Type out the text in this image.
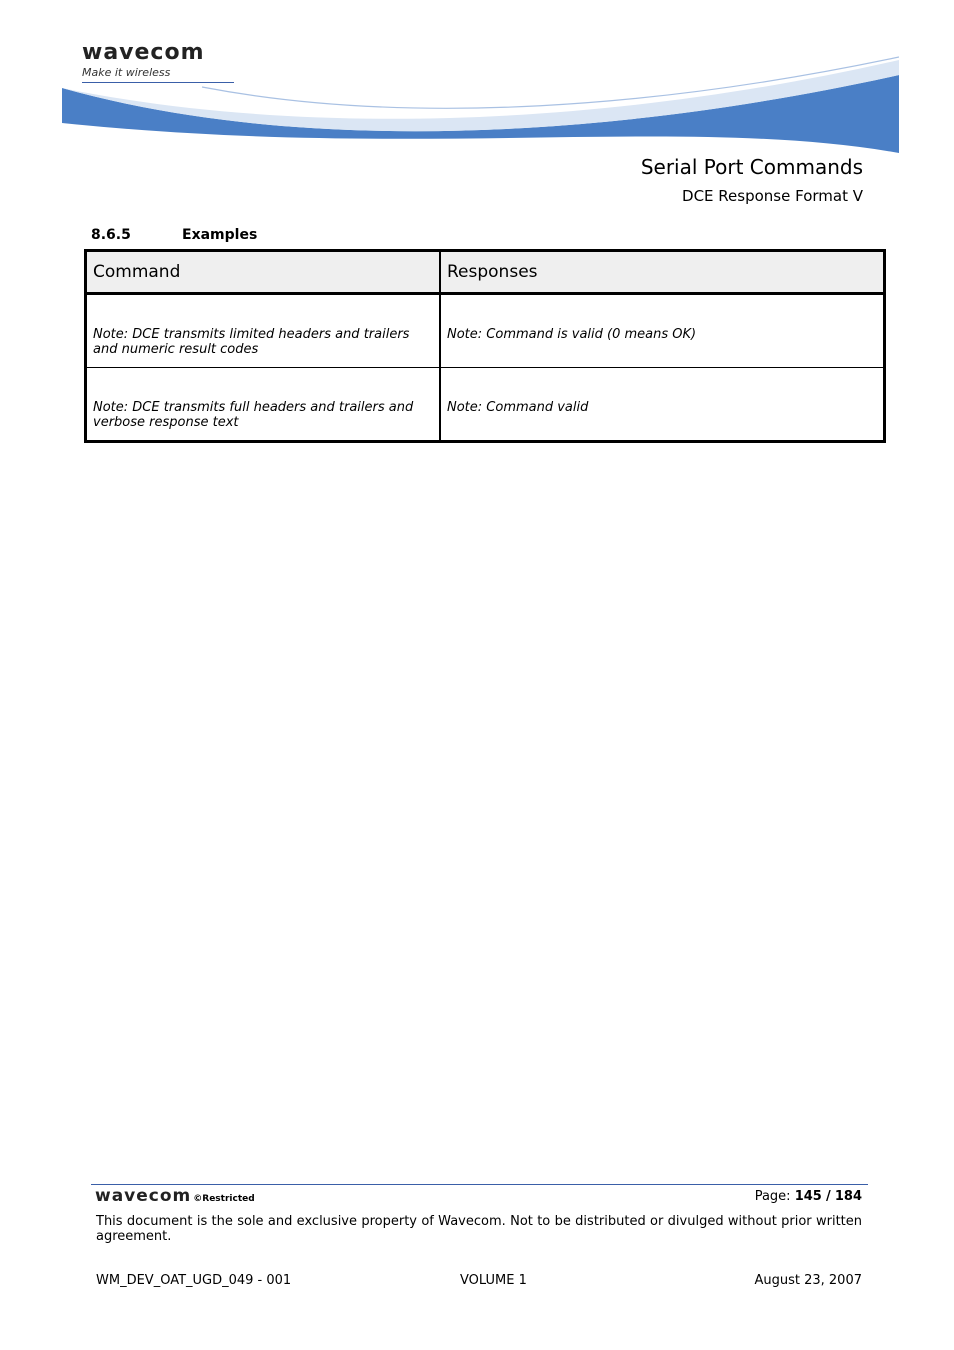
wavecom
Make it wireless
Serial Port Commands
DCE Response Format V
8.6.5	Examples
Command	Responses

Note: DCE transmits limited headers and trailers and numeric result codes	Note: Command is valid (0 means OK)

Note: DCE transmits full headers and trailers and verbose response text	Note: Command valid
wavecom ©Restricted	Page: 145 / 184
This document is the sole and exclusive property of Wavecom. Not to be distributed or divulged without prior written agreement.
WM_DEV_OAT_UGD_049 - 001	VOLUME 1	August 23, 2007
